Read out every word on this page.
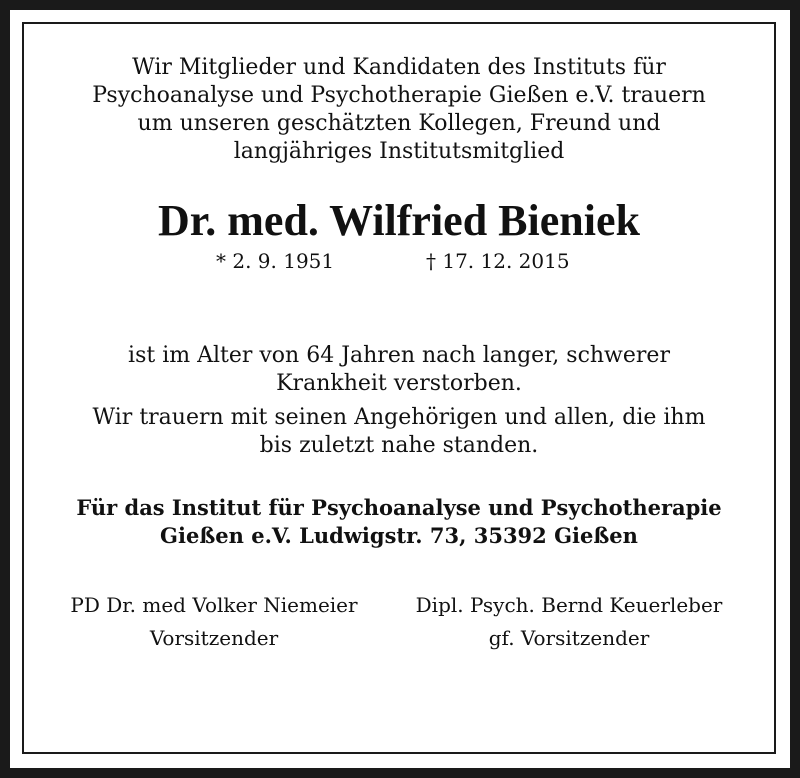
Wir Mitglieder und Kandidaten des Instituts für
Psychoanalyse und Psychotherapie Gießen e.V. trauern
um unseren geschätzten Kollegen, Freund und
langjähriges Institutsmitglied
Dr. med. Wilfried Bieniek
* 2. 9. 1951	† 17. 12. 2015
ist im Alter von 64 Jahren nach langer, schwerer
Krankheit verstorben.
Wir trauern mit seinen Angehörigen und allen, die ihm
bis zuletzt nahe standen.
Für das Institut für Psychoanalyse und Psychotherapie
Gießen e.V. Ludwigstr. 73, 35392 Gießen
PD Dr. med Volker Niemeier
Vorsitzender
Dipl. Psych. Bernd Keuerleber
gf. Vorsitzender
